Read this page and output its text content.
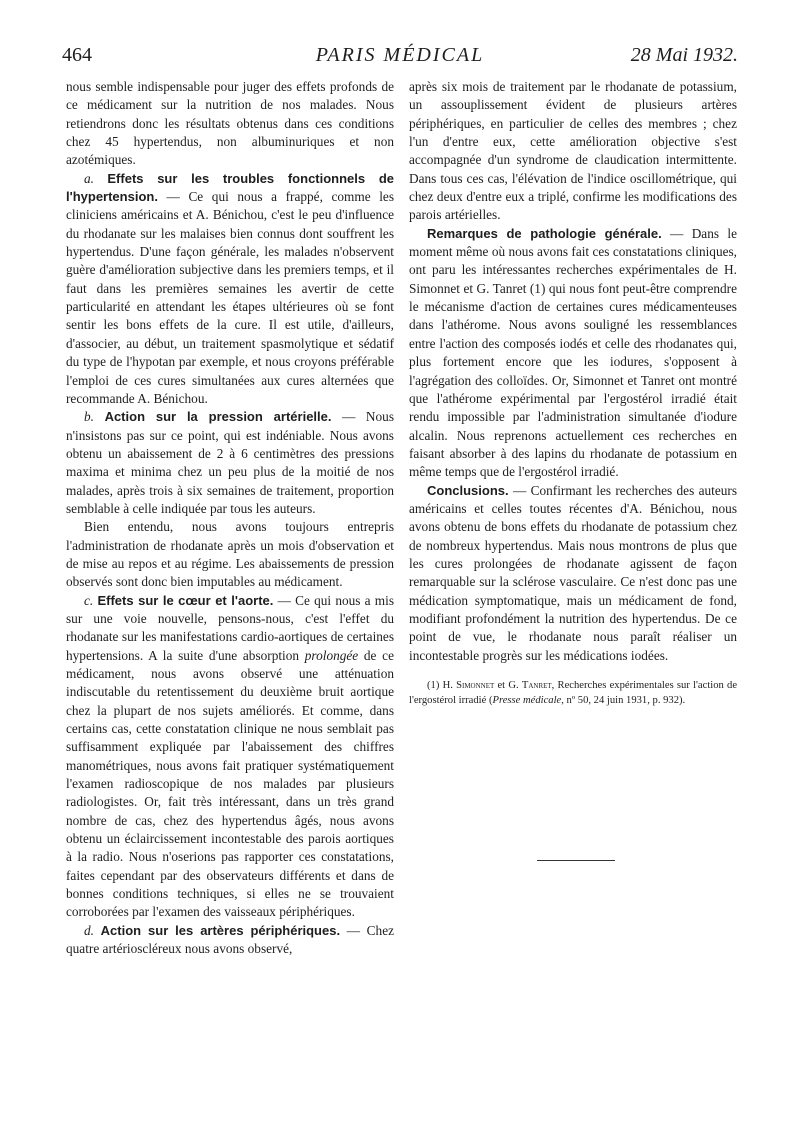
464	PARIS MÉDICAL	28 Mai 1932.

nous semble indispensable pour juger des effets profonds de ce médicament sur la nutrition de nos malades. Nous retiendrons donc les résultats obtenus dans ces conditions chez 45 hypertendus, non albuminuriques et non azotémiques.

a. Effets sur les troubles fonctionnels de l'hypertension. — Ce qui nous a frappé, comme les cliniciens américains et A. Bénichou, c'est le peu d'influence du rhodanate sur les malaises bien connus dont souffrent les hypertendus. D'une façon générale, les malades n'observent guère d'amélioration subjective dans les premiers temps, et il faut dans les premières semaines les avertir de cette particularité en attendant les étapes ultérieures où se font sentir les bons effets de la cure. Il est utile, d'ailleurs, d'associer, au début, un traitement spasmolytique et sédatif du type de l'hypotan par exemple, et nous croyons préférable l'emploi de ces cures simultanées aux cures alternées que recommande A. Bénichou.

b. Action sur la pression artérielle. — Nous n'insistons pas sur ce point, qui est indéniable. Nous avons obtenu un abaissement de 2 à 6 centimètres des pressions maxima et minima chez un peu plus de la moitié de nos malades, après trois à six semaines de traitement, proportion semblable à celle indiquée par tous les auteurs.

Bien entendu, nous avons toujours entrepris l'administration de rhodanate après un mois d'observation et de mise au repos et au régime. Les abaissements de pression observés sont donc bien imputables au médicament.

c. Effets sur le cœur et l'aorte. — Ce qui nous a mis sur une voie nouvelle, pensons-nous, c'est l'effet du rhodanate sur les manifestations cardio-aortiques de certaines hypertensions. A la suite d'une absorption prolongée de ce médicament, nous avons observé une atténuation indiscutable du retentissement du deuxième bruit aortique chez la plupart de nos sujets améliorés. Et comme, dans certains cas, cette constatation clinique ne nous semblait pas suffisamment expliquée par l'abaissement des chiffres manométriques, nous avons fait pratiquer systématiquement l'examen radioscopique de nos malades par plusieurs radiologistes. Or, fait très intéressant, dans un très grand nombre de cas, chez des hypertendus âgés, nous avons obtenu un éclaircissement incontestable des parois aortiques à la radio. Nous n'oserions pas rapporter ces constatations, faites cependant par des observateurs différents et dans de bonnes conditions techniques, si elles ne se trouvaient corroborées par l'examen des vaisseaux périphériques.

d. Action sur les artères périphériques. — Chez quatre artérioscléreux nous avons observé,

après six mois de traitement par le rhodanate de potassium, un assouplissement évident de plusieurs artères périphériques, en particulier de celles des membres ; chez l'un d'entre eux, cette amélioration objective s'est accompagnée d'un syndrome de claudication intermittente. Dans tous ces cas, l'élévation de l'indice oscillométrique, qui chez deux d'entre eux a triplé, confirme les modifications des parois artérielles.

Remarques de pathologie générale. — Dans le moment même où nous avons fait ces constatations cliniques, ont paru les intéressantes recherches expérimentales de H. Simonnet et G. Tanret (1) qui nous font peut-être comprendre le mécanisme d'action de certaines cures médicamenteuses dans l'athérome. Nous avons souligné les ressemblances entre l'action des composés iodés et celle des rhodanates qui, plus fortement encore que les iodures, s'opposent à l'agrégation des colloïdes. Or, Simonnet et Tanret ont montré que l'athérome expérimental par l'ergostérol irradié était rendu impossible par l'administration simultanée d'iodure alcalin. Nous reprenons actuellement ces recherches en faisant absorber à des lapins du rhodanate de potassium en même temps que de l'ergostérol irradié.

Conclusions. — Confirmant les recherches des auteurs américains et celles toutes récentes d'A. Bénichou, nous avons obtenu de bons effets du rhodanate de potassium chez de nombreux hypertendus. Mais nous montrons de plus que les cures prolongées de rhodanate agissent de façon remarquable sur la sclérose vasculaire. Ce n'est donc pas une médication symptomatique, mais un médicament de fond, modifiant profondément la nutrition des hypertendus. De ce point de vue, le rhodanate nous paraît réaliser un incontestable progrès sur les médications iodées.

(1) H. Simonnet et G. Tanret, Recherches expérimentales sur l'action de l'ergostérol irradié (Presse médicale, nº 50, 24 juin 1931, p. 932).
